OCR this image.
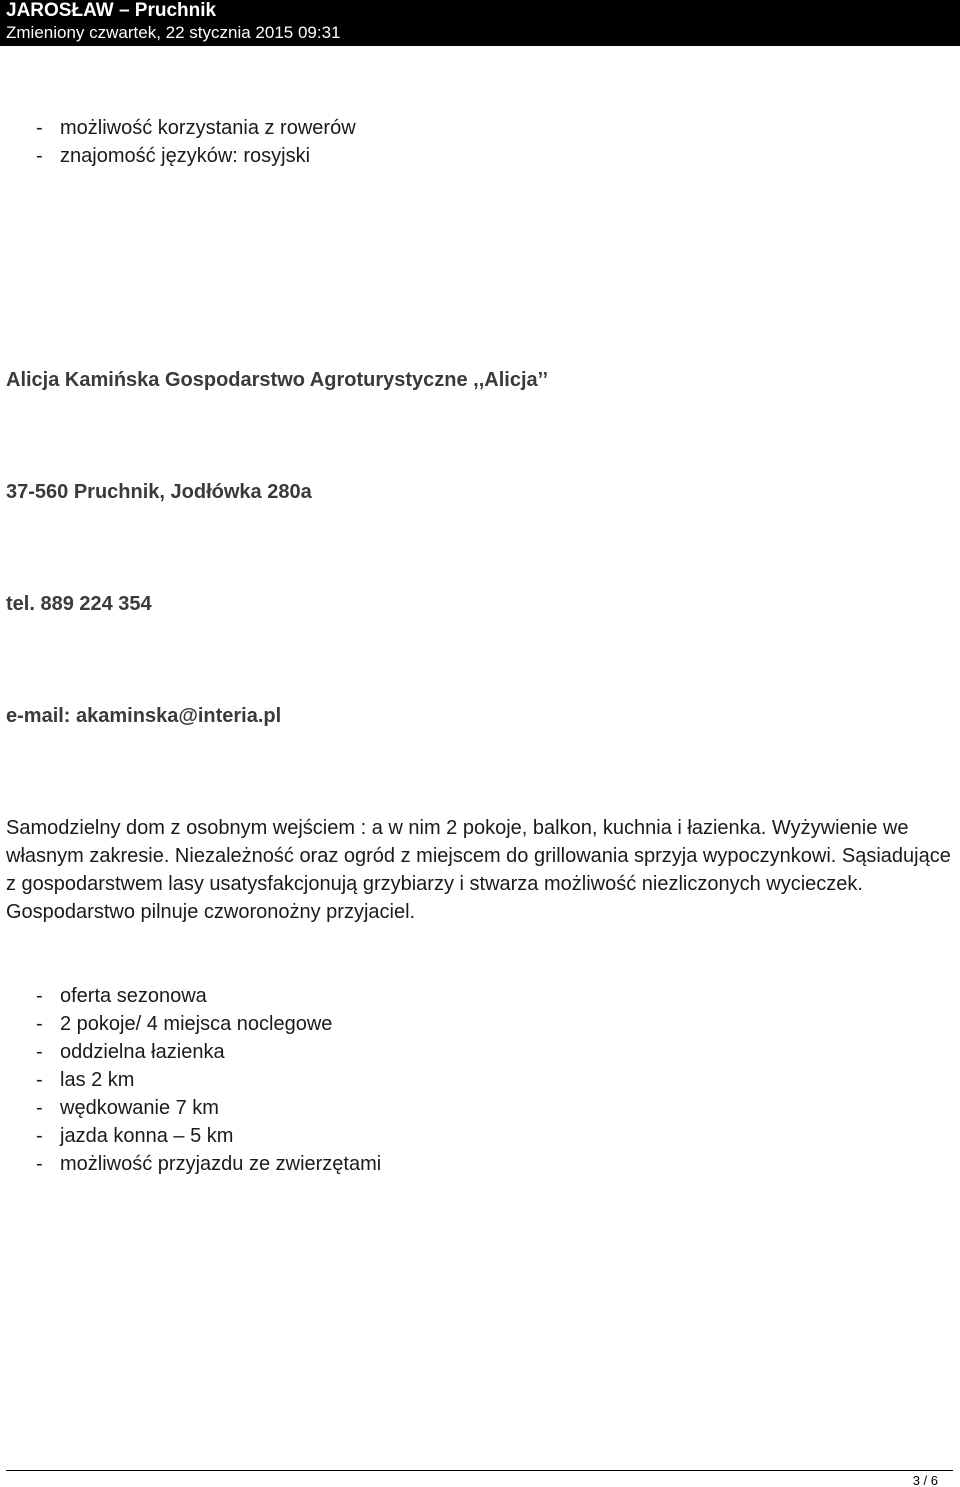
JAROSŁAW – Pruchnik
Zmieniony czwartek, 22 stycznia 2015 09:31
- możliwość korzystania z rowerów
- znajomość języków: rosyjski
Alicja Kamińska Gospodarstwo Agroturystyczne ,,Alicja’’
37-560 Pruchnik, Jodłówka 280a
tel. 889 224 354
e-mail: akaminska@interia.pl

Samodzielny dom z osobnym wejściem : a w nim 2 pokoje, balkon, kuchnia i łazienka. Wyżywienie we własnym zakresie. Niezależność oraz ogród z miejscem do grillowania sprzyja wypoczynkowi. Sąsiadujące z gospodarstwem lasy usatysfakcjonują grzybiarzy i stwarza możliwość niezliczonych wycieczek. Gospodarstwo pilnuje czworonożny przyjaciel.

- oferta sezonowa
- 2 pokoje/ 4 miejsca noclegowe
- oddzielna łazienka
- las 2 km
- wędkowanie 7 km
- jazda konna – 5 km
- możliwość przyjazdu ze zwierzętami
3 / 6
